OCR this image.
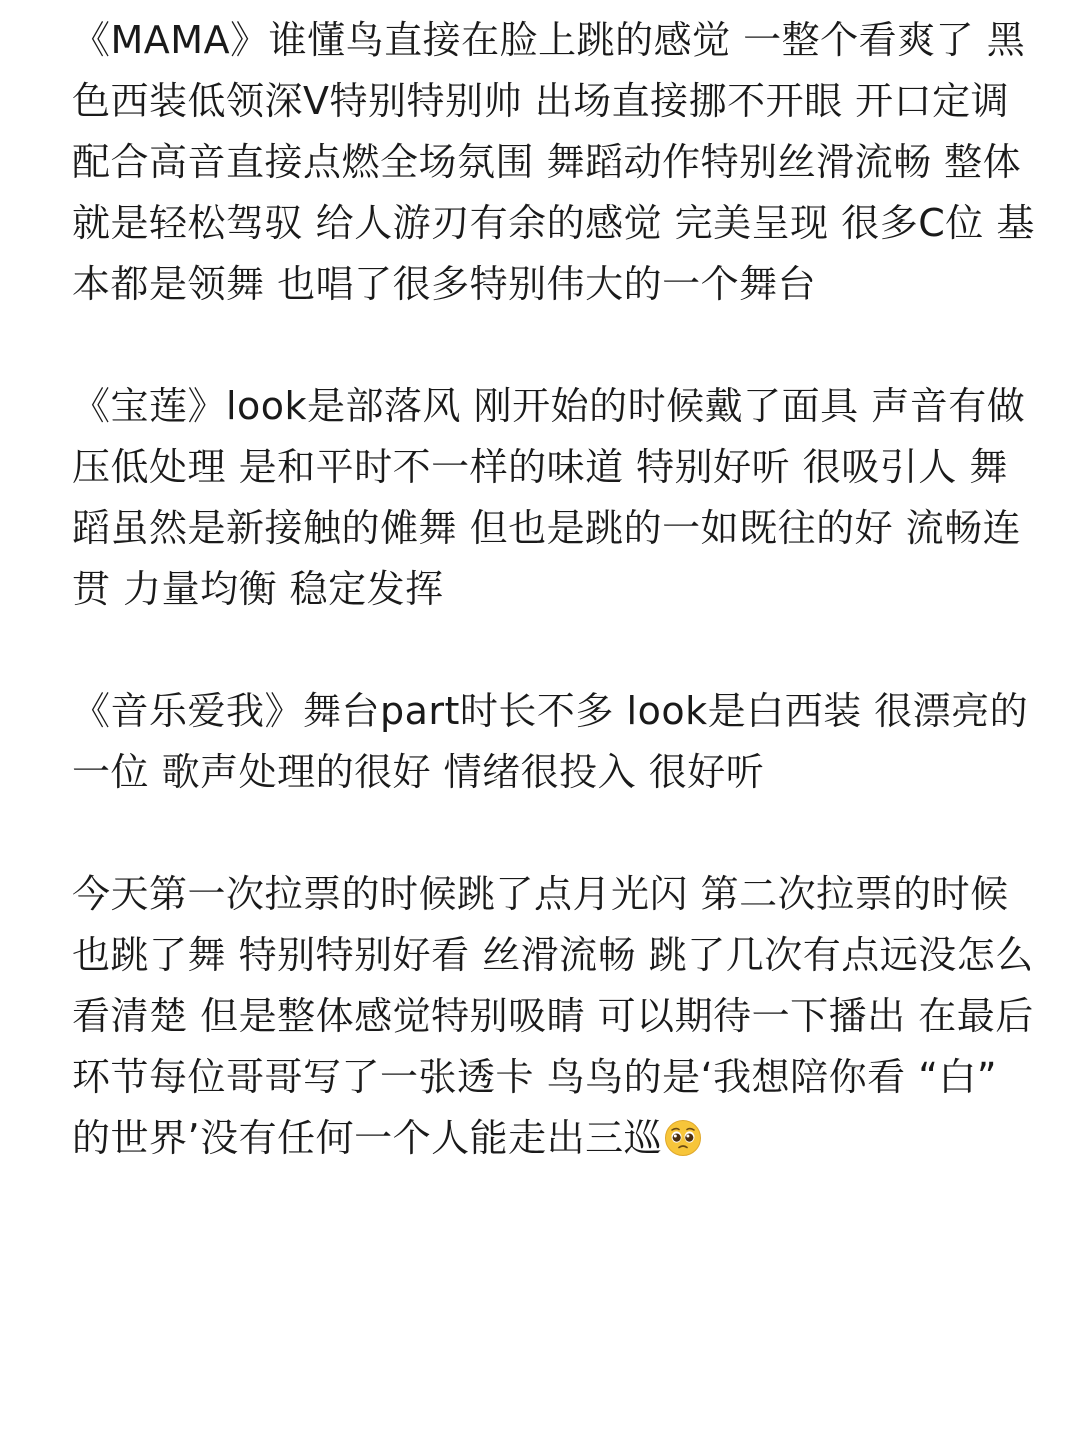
《MAMA》谁懂鸟直接在脸上跳的感觉 一整个看爽了 黑色西装低领深V特别特别帅 出场直接挪不开眼 开口定调配合高音直接点燃全场氛围 舞蹈动作特别丝滑流畅 整体就是轻松驾驭 给人游刃有余的感觉 完美呈现 很多C位 基本都是领舞 也唱了很多特别伟大的一个舞台

《宝莲》look是部落风 刚开始的时候戴了面具 声音有做压低处理 是和平时不一样的味道 特别好听 很吸引人 舞蹈虽然是新接触的傩舞 但也是跳的一如既往的好 流畅连贯 力量均衡 稳定发挥

《音乐爱我》舞台part时长不多 look是白西装 很漂亮的一位 歌声处理的很好 情绪很投入 很好听

今天第一次拉票的时候跳了点月光闪 第二次拉票的时候也跳了舞 特别特别好看 丝滑流畅 跳了几次有点远没怎么看清楚 但是整体感觉特别吸睛 可以期待一下播出 在最后环节每位哥哥写了一张透卡 鸟鸟的是‘我想陪你看 “白” 的世界’没有任何一个人能走出三巡
